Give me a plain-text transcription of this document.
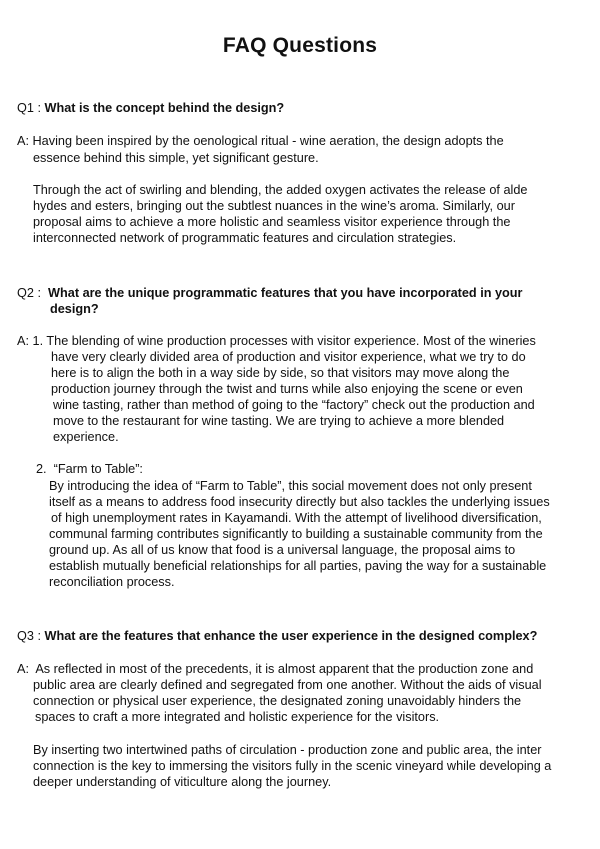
FAQ Questions
Q1 : What is the concept behind the design?
A: Having been inspired by the oenological ritual - wine aeration, the design adopts the
essence behind this simple, yet significant gesture.
Through the act of swirling and blending, the added oxygen activates the release of alde
hydes and esters, bringing out the subtlest nuances in the wine’s aroma. Similarly, our
proposal aims to achieve a more holistic and seamless visitor experience through the
interconnected network of programmatic features and circulation strategies.
Q2 :  What are the unique programmatic features that you have incorporated in your
design?
A: 1. The blending of wine production processes with visitor experience. Most of the wineries
have very clearly divided area of production and visitor experience, what we try to do
here is to align the both in a way side by side, so that visitors may move along the
production journey through the twist and turns while also enjoying the scene or even
wine tasting, rather than method of going to the “factory” check out the production and
move to the restaurant for wine tasting. We are trying to achieve a more blended
experience.
2.  “Farm to Table”:
By introducing the idea of “Farm to Table”, this social movement does not only present
itself as a means to address food insecurity directly but also tackles the underlying issues
of high unemployment rates in Kayamandi. With the attempt of livelihood diversification,
communal farming contributes significantly to building a sustainable community from the
ground up. As all of us know that food is a universal language, the proposal aims to
establish mutually beneficial relationships for all parties, paving the way for a sustainable
reconciliation process.
Q3 : What are the features that enhance the user experience in the designed complex?
A:  As reflected in most of the precedents, it is almost apparent that the production zone and
public area are clearly defined and segregated from one another. Without the aids of visual
connection or physical user experience, the designated zoning unavoidably hinders the
spaces to craft a more integrated and holistic experience for the visitors.
By inserting two intertwined paths of circulation - production zone and public area, the inter
connection is the key to immersing the visitors fully in the scenic vineyard while developing a
deeper understanding of viticulture along the journey.
